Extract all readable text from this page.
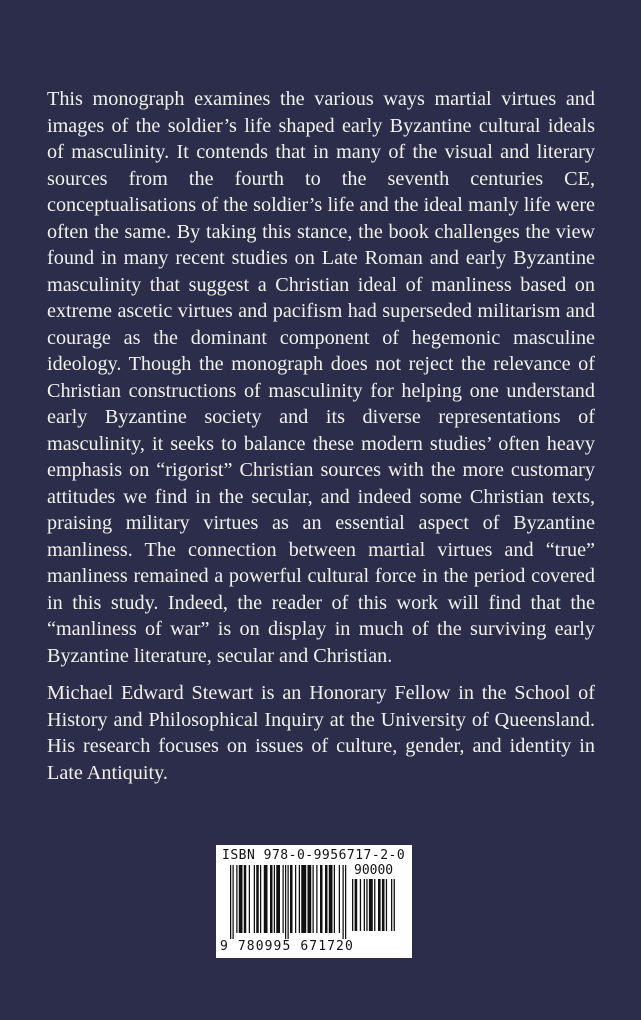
This monograph examines the various ways martial virtues and images of the soldier’s life shaped early Byzantine cultural ideals of masculinity. It contends that in many of the visual and literary sources from the fourth to the seventh centuries CE, conceptualisations of the soldier’s life and the ideal manly life were often the same. By taking this stance, the book challenges the view found in many recent studies on Late Roman and early Byzantine masculinity that suggest a Christian ideal of manliness based on extreme ascetic virtues and pacifism had superseded militarism and courage as the dominant component of hegemonic masculine ideology. Though the monograph does not reject the relevance of Christian constructions of masculinity for helping one understand early Byzantine society and its diverse representations of masculinity, it seeks to balance these modern studies’ often heavy emphasis on “rigorist” Christian sources with the more customary attitudes we find in the secular, and indeed some Christian texts, praising military virtues as an essential aspect of Byzantine manliness. The connection between martial virtues and “true” manliness remained a powerful cultural force in the period covered in this study. Indeed, the reader of this work will find that the “manliness of war” is on display in much of the surviving early Byzantine literature, secular and Christian.

Michael Edward Stewart is an Honorary Fellow in the School of History and Philosophical Inquiry at the University of Queensland. His research focuses on issues of culture, gender, and identity in Late Antiquity.

ISBN 978-0-9956717-2-0
90000
9 780995 671720
